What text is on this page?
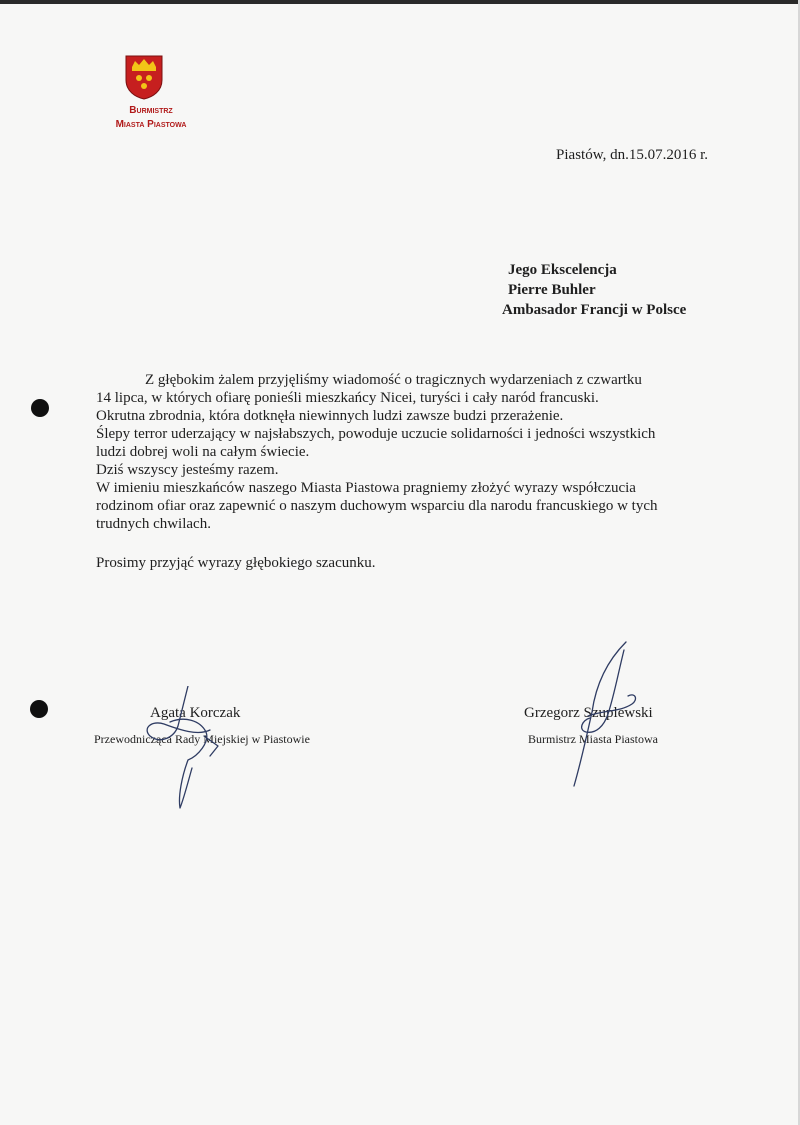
Burmistrz
Miasta Piastowa
Piastów, dn.15.07.2016 r.
Jego Ekscelencja
Pierre Buhler
Ambasador Francji w Polsce

Z głębokim żalem przyjęliśmy wiadomość o tragicznych wydarzeniach z czwartku

14 lipca, w których ofiarę ponieśli mieszkańcy Nicei, turyści i cały naród francuski.

Okrutna zbrodnia, która dotknęła niewinnych ludzi zawsze budzi przerażenie.

Ślepy terror uderzający w najsłabszych, powoduje uczucie solidarności i jedności wszystkich

ludzi dobrej woli na całym świecie.

Dziś wszyscy jesteśmy razem.

W imieniu mieszkańców naszego Miasta Piastowa pragniemy złożyć wyrazy współczucia

rodzinom ofiar oraz zapewnić o naszym duchowym wsparciu dla narodu francuskiego w tych

trudnych chwilach.

Prosimy przyjąć wyrazy głębokiego szacunku.
Agata Korczak
Przewodnicząca Rady Miejskiej w Piastowie
Grzegorz Szuplewski
Burmistrz Miasta Piastowa
